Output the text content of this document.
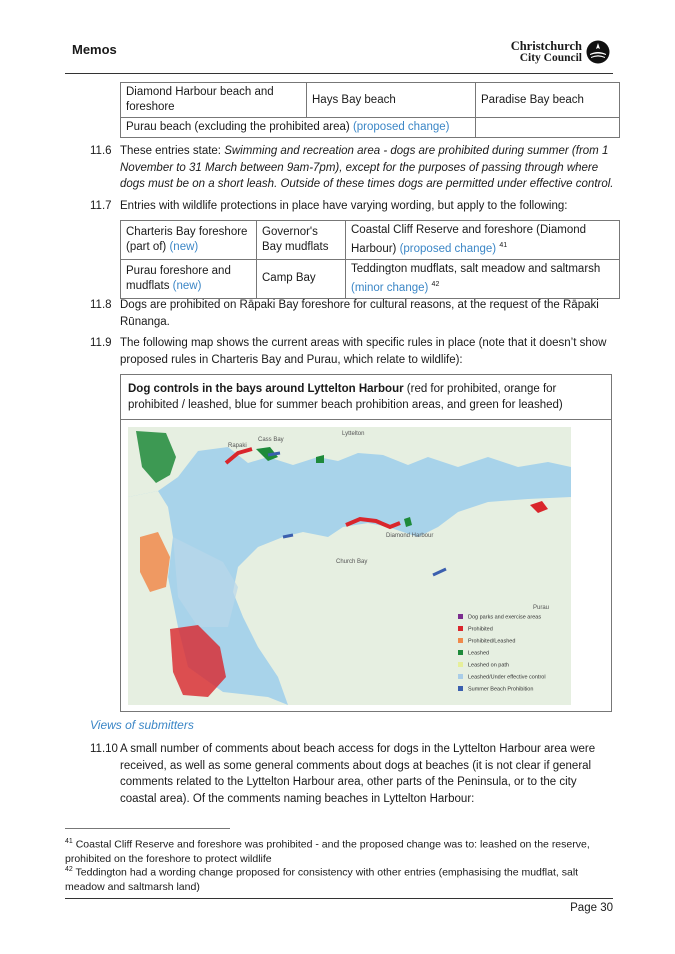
Memos	Christchurch
City Council
Diamond Harbour beach and foreshore	Hays Bay beach	Paradise Bay beach
Purau beach (excluding the prohibited area) (proposed change)		
11.6 These entries state: Swimming and recreation area - dogs are prohibited during summer (from 1 November to 31 March between 9am-7pm), except for the purposes of passing through where dogs must be on a short leash. Outside of these times dogs are permitted under effective control.
11.7 Entries with wildlife protections in place have varying wording, but apply to the following:
Charteris Bay foreshore (part of) (new)	Governor's Bay mudflats	Coastal Cliff Reserve and foreshore (Diamond Harbour) (proposed change) $^{41}$
Purau foreshore and mudflats (new)	Camp Bay	Teddington mudflats, salt meadow and saltmarsh (minor change) $^{42}$
11.8 Dogs are prohibited on Rāpaki Bay foreshore for cultural reasons, at the request of the Rāpaki Rūnanga.
11.9 The following map shows the current areas with specific rules in place (note that it doesn’t show proposed rules in Charteris Bay and Purau, which relate to wildlife):
Dog controls in the bays around Lyttelton Harbour (red for prohibited, orange for prohibited / leashed, blue for summer beach prohibition areas, and green for leashed)
Rapaki
Cass Bay
Lyttelton
Diamond Harbour
Church Bay
Purau
Dog parks and exercise areas
Prohibited
Prohibited/Leashed
Leashed
Leashed on path
Leashed/Under effective control
Summer Beach Prohibition
Views of submitters
11.10 A small number of comments about beach access for dogs in the Lyttelton Harbour area were received, as well as some general comments about dogs at beaches (it is not clear if general comments related to the Lyttelton Harbour area, other parts of the Peninsula, or to the city coastal area). Of the comments naming beaches in Lyttelton Harbour:
$^{41}$ Coastal Cliff Reserve and foreshore was prohibited - and the proposed change was to: leashed on the reserve, prohibited on the foreshore to protect wildlife
$^{42}$ Teddington had a wording change proposed for consistency with other entries (emphasising the mudflat, salt meadow and saltmarsh land)
Page 30
